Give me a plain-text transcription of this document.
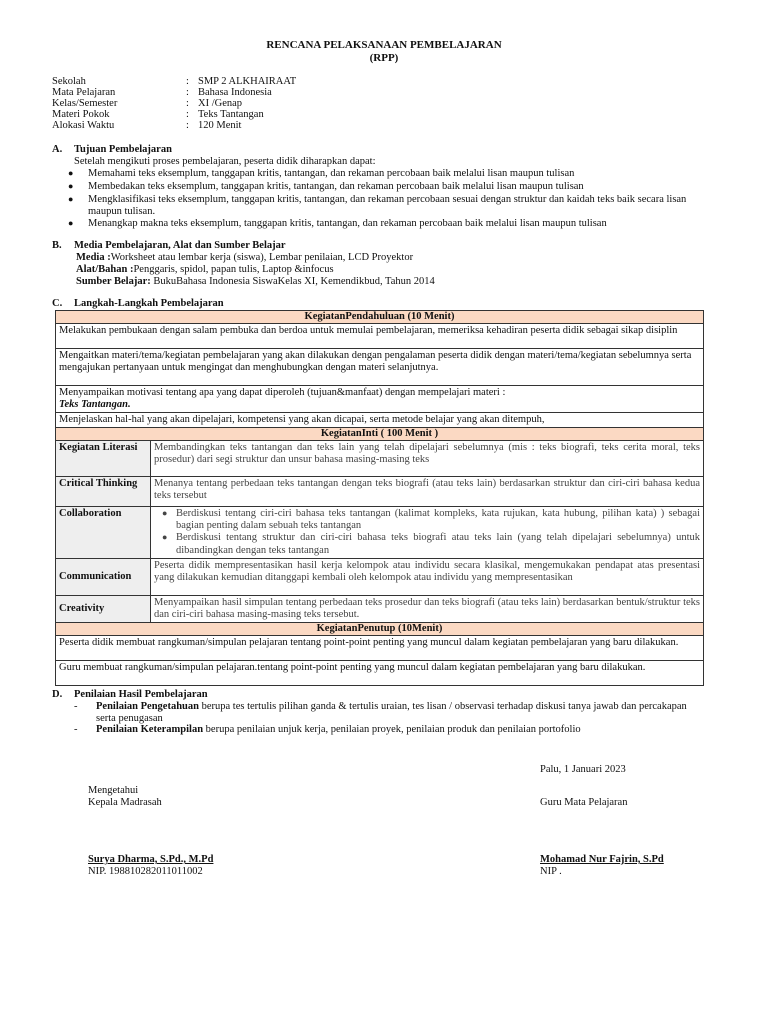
RENCANA PELAKSANAAN PEMBELAJARAN
(RPP)
Sekolah	: SMP 2 ALKHAIRAAT
Mata Pelajaran	: Bahasa Indonesia
Kelas/Semester	: XI /Genap
Materi Pokok	: Teks Tantangan
Alokasi Waktu	: 120 Menit
A. Tujuan Pembelajaran
Setelah mengikuti proses pembelajaran, peserta didik diharapkan dapat:
● Memahami teks eksemplum, tanggapan kritis, tantangan, dan rekaman percobaan baik melalui lisan maupun tulisan
● Membedakan teks eksemplum, tanggapan kritis, tantangan, dan rekaman percobaan baik melalui lisan maupun tulisan
● Mengklasifikasi teks eksemplum, tanggapan kritis, tantangan, dan rekaman percobaan sesuai dengan struktur dan kaidah teks baik secara lisan maupun tulisan.
● Menangkap makna teks eksemplum, tanggapan kritis, tantangan, dan rekaman percobaan baik melalui lisan maupun tulisan
B. Media Pembelajaran, Alat dan Sumber Belajar
Media :Worksheet atau lembar kerja (siswa), Lembar penilaian, LCD Proyektor
Alat/Bahan :Penggaris, spidol, papan tulis, Laptop &infocus
Sumber Belajar: BukuBahasa Indonesia SiswaKelas XI, Kemendikbud, Tahun 2014
C. Langkah-Langkah Pembelajaran
KegiatanPendahuluan (10 Menit)	
Melakukan pembukaan dengan salam pembuka dan berdoa untuk memulai pembelajaran, memeriksa kehadiran peserta didik sebagai sikap disiplin	
Mengaitkan materi/tema/kegiatan pembelajaran yang akan dilakukan dengan pengalaman peserta didik dengan materi/tema/kegiatan sebelumnya serta mengajukan pertanyaan untuk mengingat dan menghubungkan dengan materi selanjutnya.	
Menyampaikan motivasi tentang apa yang dapat diperoleh (tujuan&manfaat) dengan mempelajari materi :
Teks Tantangan.	
Menjelaskan hal-hal yang akan dipelajari, kompetensi yang akan dicapai, serta metode belajar yang akan ditempuh,	
KegiatanInti ( 100 Menit )	
Kegiatan Literasi	Membandingkan teks tantangan dan teks lain yang telah dipelajari sebelumnya (mis : teks biografi, teks cerita moral, teks prosedur) dari segi struktur dan unsur bahasa masing-masing teks
Critical Thinking	Menanya tentang perbedaan teks tantangan dengan teks biografi (atau teks lain) berdasarkan struktur dan ciri-ciri bahasa kedua teks tersebut
Collaboration	● Berdiskusi tentang ciri-ciri bahasa teks tantangan (kalimat kompleks, kata rujukan, kata hubung, pilihan kata) ) sebagai bagian penting dalam sebuah teks tantangan
● Berdiskusi tentang struktur dan ciri-ciri bahasa teks biografi atau teks lain (yang telah dipelajari sebelumnya) untuk dibandingkan dengan teks tantangan

Communication	Peserta didik mempresentasikan hasil kerja kelompok atau individu secara klasikal, mengemukakan pendapat atas presentasi yang dilakukan kemudian ditanggapi kembali oleh kelompok atau individu yang mempresentasikan
Creativity	Menyampaikan hasil simpulan tentang perbedaan teks prosedur dan teks biografi (atau teks lain) berdasarkan bentuk/struktur teks dan ciri-ciri bahasa masing-masing teks tersebut.
KegiatanPenutup (10Menit)	
Peserta didik membuat rangkuman/simpulan pelajaran tentang point-point penting yang muncul dalam kegiatan pembelajaran yang baru dilakukan.	
Guru membuat rangkuman/simpulan pelajaran.tentang point-point penting yang muncul dalam kegiatan pembelajaran yang baru dilakukan.	
D. Penilaian Hasil Pembelajaran
- Penilaian Pengetahuan berupa tes tertulis pilihan ganda & tertulis uraian, tes lisan / observasi terhadap diskusi tanya jawab dan percakapan serta penugasan
- Penilaian Keterampilan berupa penilaian unjuk kerja, penilaian proyek, penilaian produk dan penilaian portofolio
Palu, 1 Januari 2023
Mengetahui
Kepala Madrasah	Guru Mata Pelajaran
Surya Dharma, S.Pd., M.Pd
NIP. 198810282011011002
Mohamad Nur Fajrin, S.Pd
NIP .
